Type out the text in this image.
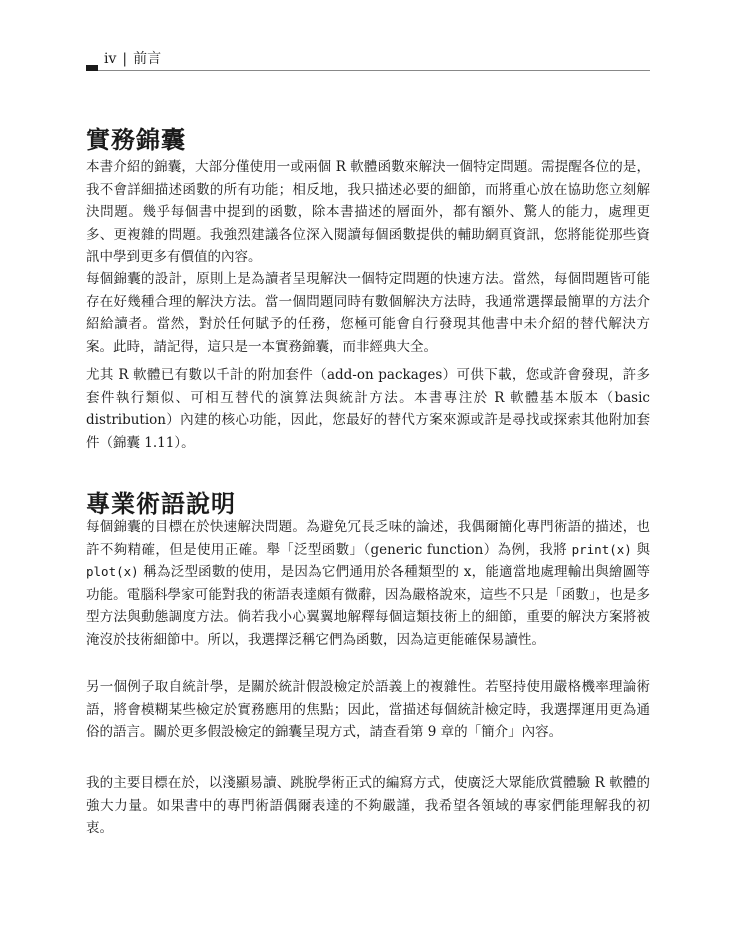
iv | 前言
實務錦囊

本書介紹的錦囊，大部分僅使用一或兩個 R 軟體函數來解決一個特定問題。需提醒各位的是，我不會詳細描述函數的所有功能；相反地，我只描述必要的細節，而將重心放在協助您立刻解決問題。幾乎每個書中提到的函數，除本書描述的層面外，都有額外、驚人的能力，處理更多、更複雜的問題。我強烈建議各位深入閱讀每個函數提供的輔助網頁資訊，您將能從那些資訊中學到更多有價值的內容。

每個錦囊的設計，原則上是為讀者呈現解決一個特定問題的快速方法。當然，每個問題皆可能存在好幾種合理的解決方法。當一個問題同時有數個解決方法時，我通常選擇最簡單的方法介紹給讀者。當然，對於任何賦予的任務，您極可能會自行發現其他書中未介紹的替代解決方案。此時，請記得，這只是一本實務錦囊，而非經典大全。

尤其 R 軟體已有數以千計的附加套件（add-on packages）可供下載，您或許會發現，許多套件執行類似、可相互替代的演算法與統計方法。本書專注於 R 軟體基本版本（basic distribution）內建的核心功能，因此，您最好的替代方案來源或許是尋找或探索其他附加套件（錦囊 1.11）。

專業術語說明

每個錦囊的目標在於快速解決問題。為避免冗長乏味的論述，我偶爾簡化專門術語的描述，也許不夠精確，但是使用正確。舉「泛型函數」（generic function）為例，我將 print(x) 與 plot(x) 稱為泛型函數的使用，是因為它們通用於各種類型的 x，能適當地處理輸出與繪圖等功能。電腦科學家可能對我的術語表達頗有微辭，因為嚴格說來，這些不只是「函數」，也是多型方法與動態調度方法。倘若我小心翼翼地解釋每個這類技術上的細節，重要的解決方案將被淹沒於技術細節中。所以，我選擇泛稱它們為函數，因為這更能確保易讀性。

另一個例子取自統計學，是關於統計假設檢定於語義上的複雜性。若堅持使用嚴格機率理論術語，將會模糊某些檢定於實務應用的焦點；因此，當描述每個統計檢定時，我選擇運用更為通俗的語言。關於更多假設檢定的錦囊呈現方式，請查看第 9 章的「簡介」內容。

我的主要目標在於，以淺顯易讀、跳脫學術正式的編寫方式，使廣泛大眾能欣賞體驗 R 軟體的強大力量。如果書中的專門術語偶爾表達的不夠嚴謹，我希望各領域的專家們能理解我的初衷。
